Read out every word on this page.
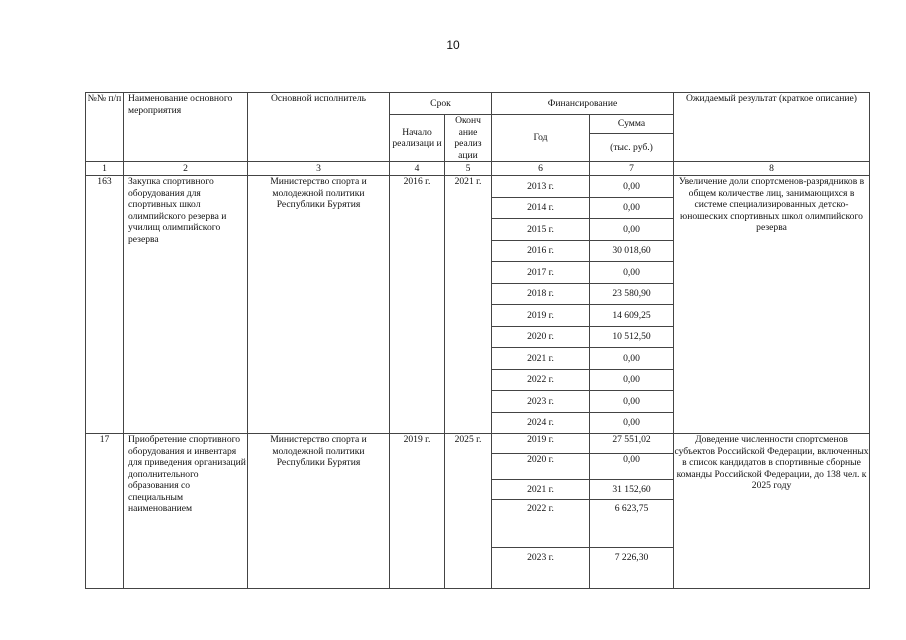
10
№№ п/п	Наименование основного мероприятия	Основной исполнитель	Срок		Финансирование		Ожидаемый результат (краткое описание)
			Начало реализаци и	Оконч ание реализ ации	Год	Сумма	
						(тыс. руб.)	
1	2	3	4	5	6	7	8
163	Закупка спортивного оборудования для спортивных школ олимпийского резерва и училищ олимпийского резерва	Министерство спорта и молодежной политики Республики Бурятия	2016 г.	2021 г.	2013 г.	0,00	Увеличение доли спортсменов-разрядников в общем количестве лиц, занимающихся в системе специализированных детско-юношеских спортивных школ олимпийского резерва
					2014 г.	0,00	
					2015 г.	0,00	
					2016 г.	30 018,60	
					2017 г.	0,00	
					2018 г.	23 580,90	
					2019 г.	14 609,25	
					2020 г.	10 512,50	
					2021 г.	0,00	
					2022 г.	0,00	
					2023 г.	0,00	
					2024 г.	0,00	
17	Приобретение спортивного оборудования и инвентаря для приведения организаций дополнительного образования со специальным наименованием	Министерство спорта и молодежной политики Республики Бурятия	2019 г.	2025 г.	2019 г.	27 551,02	Доведение численности спортсменов субъектов Российской Федерации, включенных в список кандидатов в спортивные сборные команды Российской Федерации, до 138 чел. к 2025 году
					2020 г.	0,00	
					2021 г.	31 152,60	
					2022 г.	6 623,75	
					2023 г.	7 226,30	
